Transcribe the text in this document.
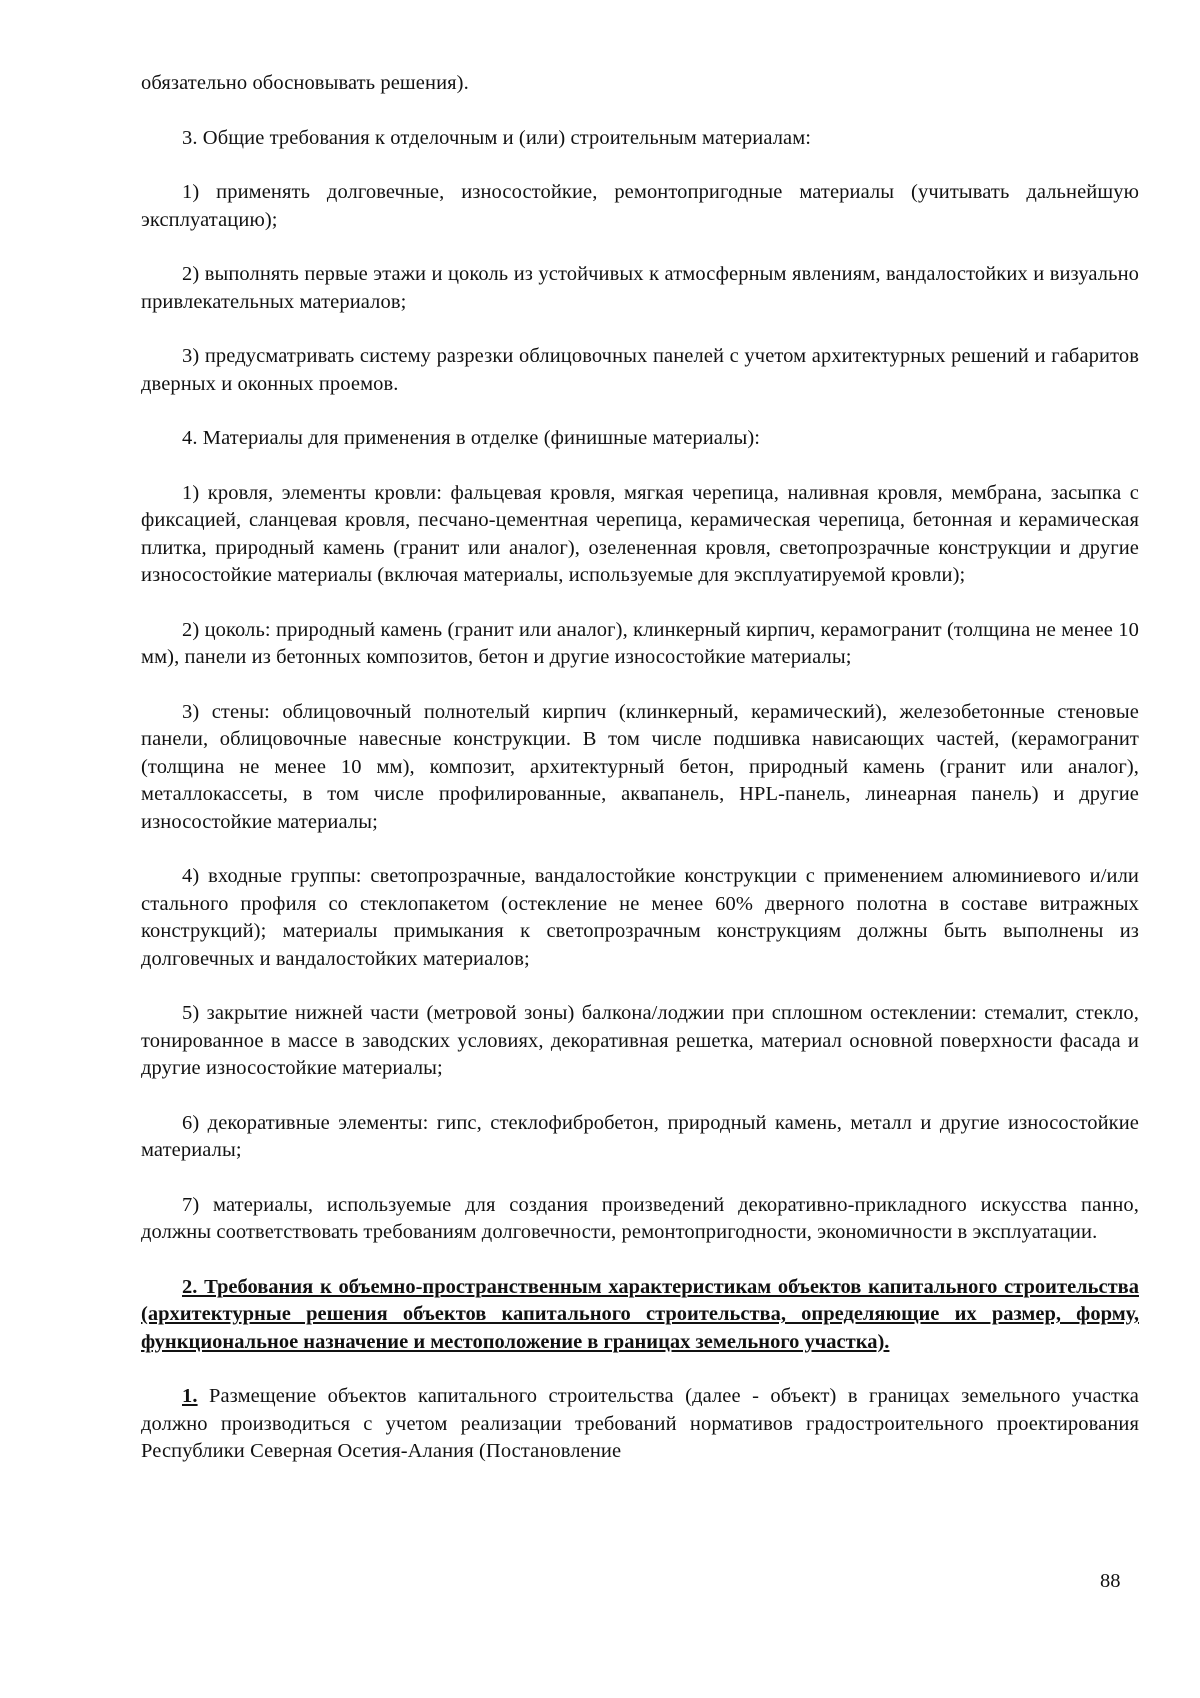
обязательно обосновывать решения).

3. Общие требования к отделочным и (или) строительным материалам:

1) применять долговечные, износостойкие, ремонтопригодные материалы (учитывать дальнейшую эксплуатацию);

2) выполнять первые этажи и цоколь из устойчивых к атмосферным явлениям, вандалостойких и визуально привлекательных материалов;

3) предусматривать систему разрезки облицовочных панелей с учетом архитектурных решений и габаритов дверных и оконных проемов.

4. Материалы для применения в отделке (финишные материалы):

1) кровля, элементы кровли: фальцевая кровля, мягкая черепица, наливная кровля, мембрана, засыпка с фиксацией, сланцевая кровля, песчано-цементная черепица, керамическая черепица, бетонная и керамическая плитка, природный камень (гранит или аналог), озелененная кровля, светопрозрачные конструкции и другие износостойкие материалы (включая материалы, используемые для эксплуатируемой кровли);

2) цоколь: природный камень (гранит или аналог), клинкерный кирпич, керамогранит (толщина не менее 10 мм), панели из бетонных композитов, бетон и другие износостойкие материалы;

3) стены: облицовочный полнотелый кирпич (клинкерный, керамический), железобетонные стеновые панели, облицовочные навесные конструкции. В том числе подшивка нависающих частей, (керамогранит (толщина не менее 10 мм), композит, архитектурный бетон, природный камень (гранит или аналог), металлокассеты, в том числе профилированные, аквапанель, HPL-панель, линеарная панель) и другие износостойкие материалы;

4) входные группы: светопрозрачные, вандалостойкие конструкции с применением алюминиевого и/или стального профиля со стеклопакетом (остекление не менее 60% дверного полотна в составе витражных конструкций); материалы примыкания к светопрозрачным конструкциям должны быть выполнены из долговечных и вандалостойких материалов;

5) закрытие нижней части (метровой зоны) балкона/лоджии при сплошном остеклении: стемалит, стекло, тонированное в массе в заводских условиях, декоративная решетка, материал основной поверхности фасада и другие износостойкие материалы;

6) декоративные элементы: гипс, стеклофибробетон, природный камень, металл и другие износостойкие материалы;

7) материалы, используемые для создания произведений декоративно-прикладного искусства панно, должны соответствовать требованиям долговечности, ремонтопригодности, экономичности в эксплуатации.

2. Требования к объемно-пространственным характеристикам объектов капитального строительства (архитектурные решения объектов капитального строительства, определяющие их размер, форму, функциональное назначение и местоположение в границах земельного участка).

1. Размещение объектов капитального строительства (далее - объект) в границах земельного участка должно производиться с учетом реализации требований нормативов градостроительного проектирования Республики Северная Осетия-Алания (Постановление

88
